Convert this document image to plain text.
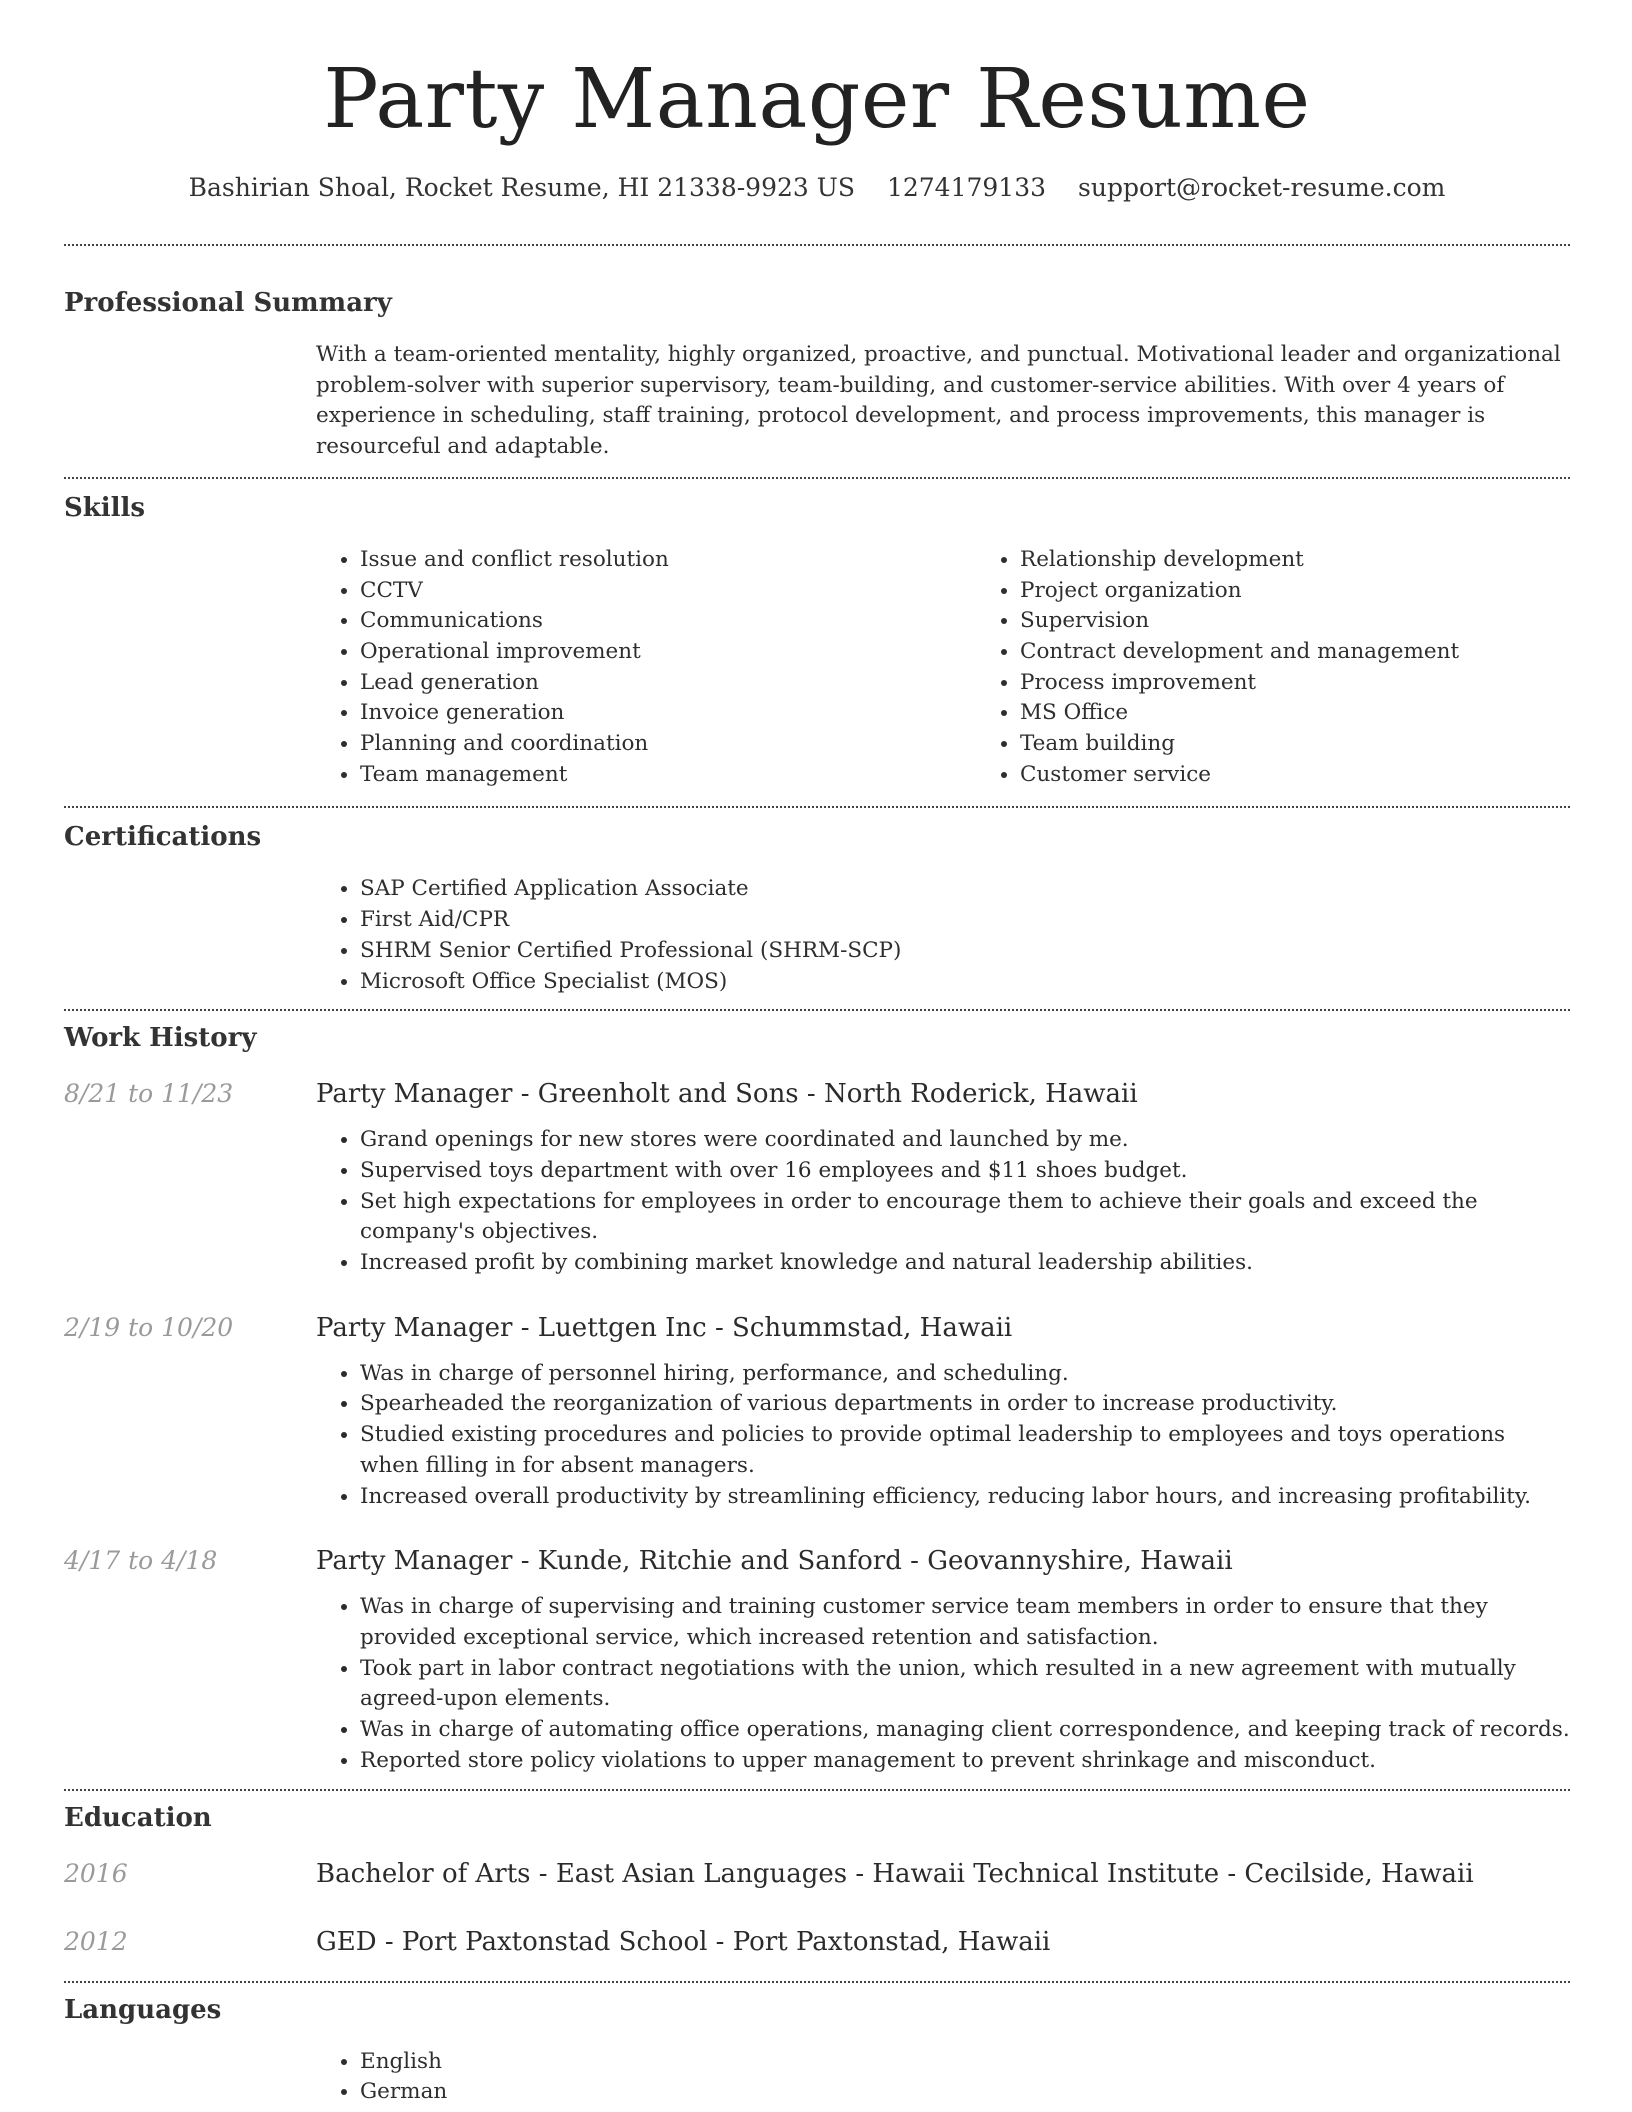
Party Manager Resume
Bashirian Shoal, Rocket Resume, HI 21338-9923 US 1274179133 support@rocket-resume.com
Professional Summary

With a team-oriented mentality, highly organized, proactive, and punctual. Motivational leader and organizational problem-solver with superior supervisory, team-building, and customer-service abilities. With over 4 years of experience in scheduling, staff training, protocol development, and process improvements, this manager is resourceful and adaptable.

Skills
• Issue and conflict resolution
• CCTV
• Communications
• Operational improvement
• Lead generation
• Invoice generation
• Planning and coordination
• Team management
• Relationship development
• Project organization
• Supervision
• Contract development and management
• Process improvement
• MS Office
• Team building
• Customer service
Certifications
• SAP Certified Application Associate
• First Aid/CPR
• SHRM Senior Certified Professional (SHRM-SCP)
• Microsoft Office Specialist (MOS)
Work History
8/21 to 11/23	Party Manager - Greenholt and Sons - North Roderick, Hawaii
• Grand openings for new stores were coordinated and launched by me.
• Supervised toys department with over 16 employees and $11 shoes budget.
• Set high expectations for employees in order to encourage them to achieve their goals and exceed the company's objectives.
• Increased profit by combining market knowledge and natural leadership abilities.
2/19 to 10/20	Party Manager - Luettgen Inc - Schummstad, Hawaii
• Was in charge of personnel hiring, performance, and scheduling.
• Spearheaded the reorganization of various departments in order to increase productivity.
• Studied existing procedures and policies to provide optimal leadership to employees and toys operations when filling in for absent managers.
• Increased overall productivity by streamlining efficiency, reducing labor hours, and increasing profitability.
4/17 to 4/18	Party Manager - Kunde, Ritchie and Sanford - Geovannyshire, Hawaii
• Was in charge of supervising and training customer service team members in order to ensure that they provided exceptional service, which increased retention and satisfaction.
• Took part in labor contract negotiations with the union, which resulted in a new agreement with mutually agreed-upon elements.
• Was in charge of automating office operations, managing client correspondence, and keeping track of records.
• Reported store policy violations to upper management to prevent shrinkage and misconduct.
Education
2016	Bachelor of Arts - East Asian Languages - Hawaii Technical Institute - Cecilside, Hawaii
2012	GED - Port Paxtonstad School - Port Paxtonstad, Hawaii
Languages
• English
• German
